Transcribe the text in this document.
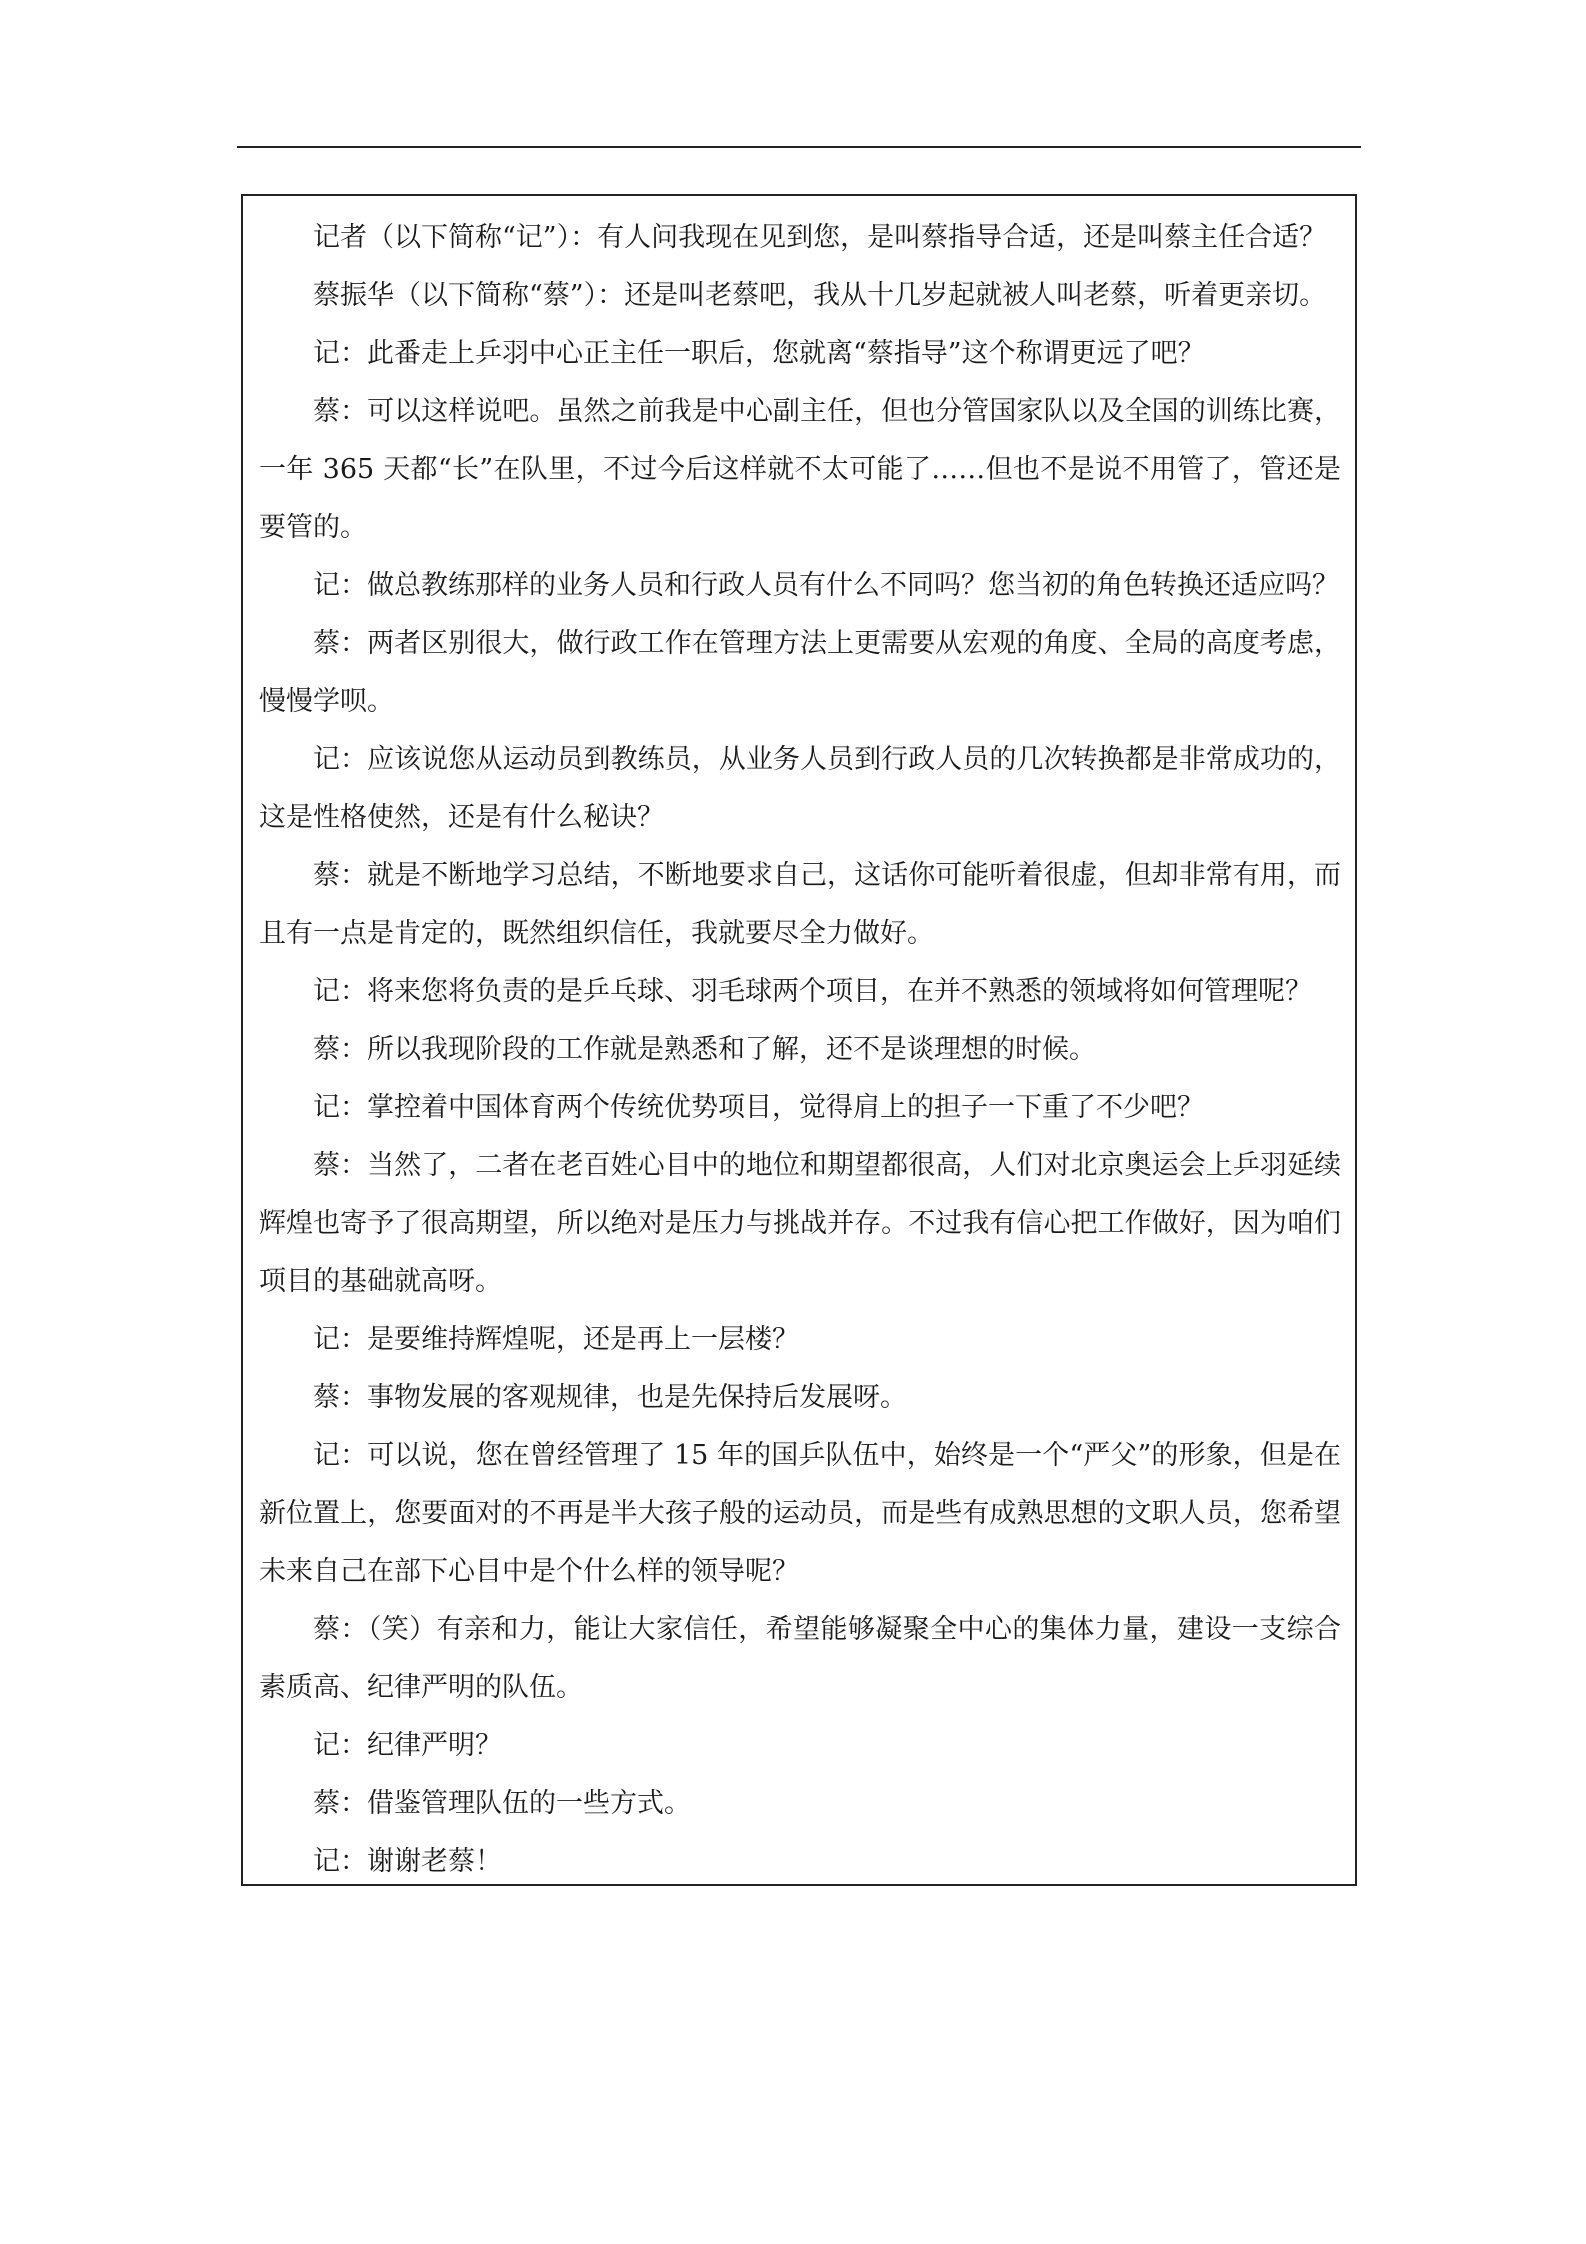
记者（以下简称“记”）：有人问我现在见到您，是叫蔡指导合适，还是叫蔡主任合适？

蔡振华（以下简称“蔡”）：还是叫老蔡吧，我从十几岁起就被人叫老蔡，听着更亲切。

记：此番走上乒羽中心正主任一职后，您就离“蔡指导”这个称谓更远了吧？

蔡：可以这样说吧。虽然之前我是中心副主任，但也分管国家队以及全国的训练比赛，一年 365 天都“长”在队里，不过今后这样就不太可能了……但也不是说不用管了，管还是要管的。

记：做总教练那样的业务人员和行政人员有什么不同吗？您当初的角色转换还适应吗？

蔡：两者区别很大，做行政工作在管理方法上更需要从宏观的角度、全局的高度考虑，慢慢学呗。

记：应该说您从运动员到教练员，从业务人员到行政人员的几次转换都是非常成功的，这是性格使然，还是有什么秘诀？

蔡：就是不断地学习总结，不断地要求自己，这话你可能听着很虚，但却非常有用，而且有一点是肯定的，既然组织信任，我就要尽全力做好。

记：将来您将负责的是乒乓球、羽毛球两个项目，在并不熟悉的领域将如何管理呢？

蔡：所以我现阶段的工作就是熟悉和了解，还不是谈理想的时候。

记：掌控着中国体育两个传统优势项目，觉得肩上的担子一下重了不少吧？

蔡：当然了，二者在老百姓心目中的地位和期望都很高，人们对北京奥运会上乒羽延续辉煌也寄予了很高期望，所以绝对是压力与挑战并存。不过我有信心把工作做好，因为咱们项目的基础就高呀。

记：是要维持辉煌呢，还是再上一层楼？

蔡：事物发展的客观规律，也是先保持后发展呀。

记：可以说，您在曾经管理了 15 年的国乒队伍中，始终是一个“严父”的形象，但是在新位置上，您要面对的不再是半大孩子般的运动员，而是些有成熟思想的文职人员，您希望未来自己在部下心目中是个什么样的领导呢？

蔡：（笑）有亲和力，能让大家信任，希望能够凝聚全中心的集体力量，建设一支综合素质高、纪律严明的队伍。

记：纪律严明？

蔡：借鉴管理队伍的一些方式。

记：谢谢老蔡！
